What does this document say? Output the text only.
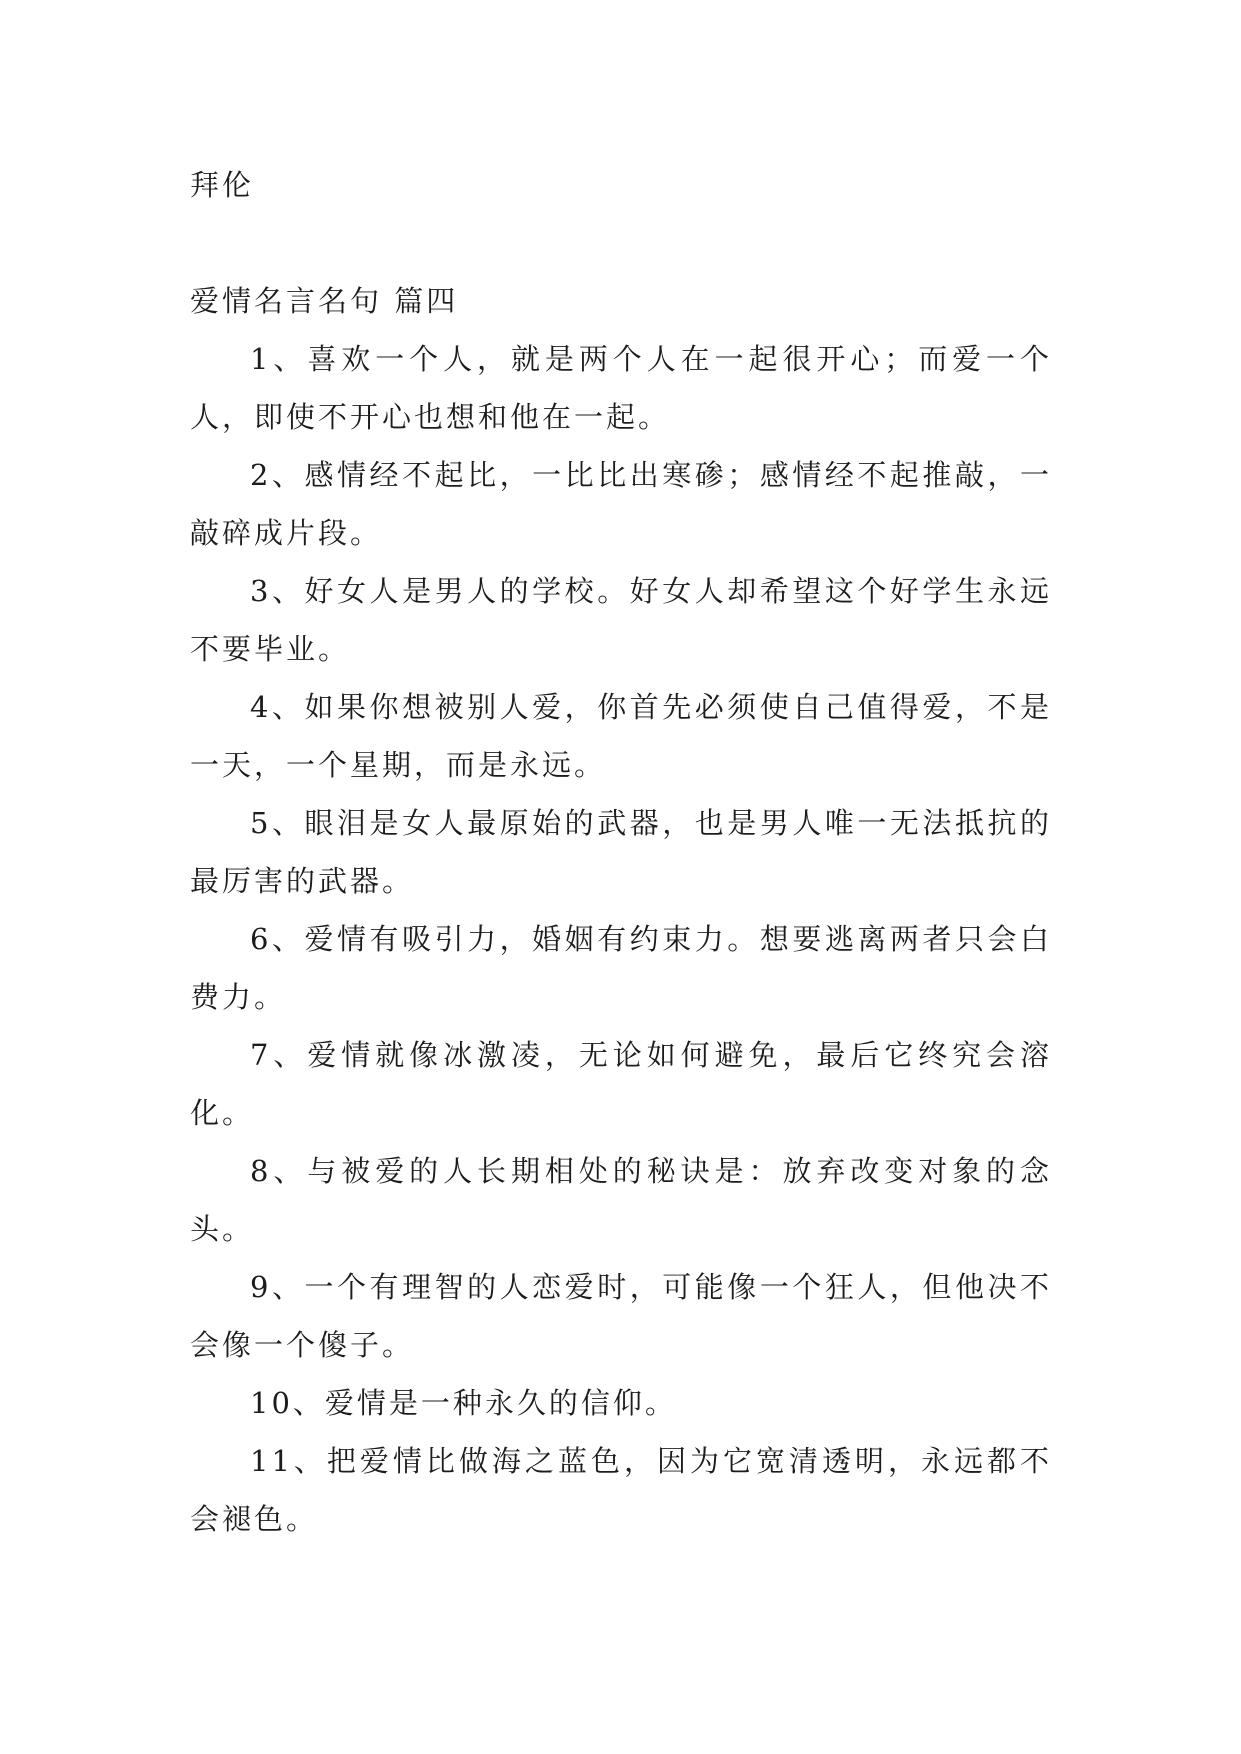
拜伦

爱情名言名句 篇四

1、喜欢一个人，就是两个人在一起很开心；而爱一个人，即使不开心也想和他在一起。

2、感情经不起比，一比比出寒碜；感情经不起推敲，一敲碎成片段。

3、好女人是男人的学校。好女人却希望这个好学生永远不要毕业。

4、如果你想被别人爱，你首先必须使自己值得爱，不是一天，一个星期，而是永远。

5、眼泪是女人最原始的武器，也是男人唯一无法抵抗的最厉害的武器。

6、爱情有吸引力，婚姻有约束力。想要逃离两者只会白费力。

7、爱情就像冰激凌，无论如何避免，最后它终究会溶化。

8、与被爱的人长期相处的秘诀是：放弃改变对象的念头。

9、一个有理智的人恋爱时，可能像一个狂人，但他决不会像一个傻子。

10、爱情是一种永久的信仰。

11、把爱情比做海之蓝色，因为它宽清透明，永远都不会褪色。
